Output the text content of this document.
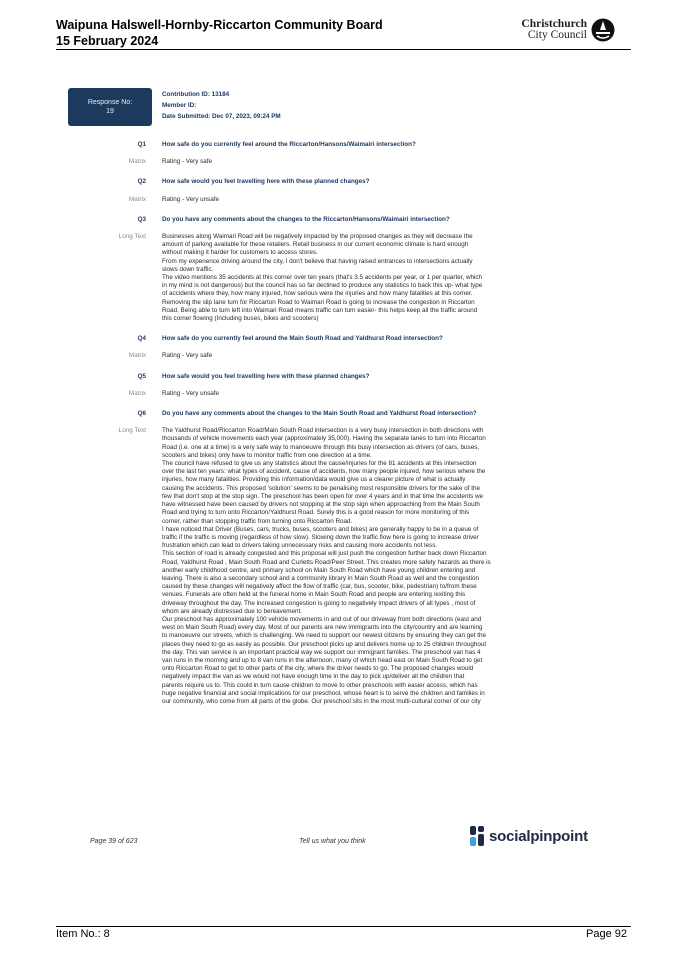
Waipuna Halswell-Hornby-Riccarton Community Board
15 February 2024
Christchurch
City Council
Response No:
19
Contribution ID: 13184
Member ID:
Date Submitted: Dec 07, 2023, 09:24 PM
Q1	How safe do you currently feel around the Riccarton/Hansons/Waimairi intersection?
Matrix	Rating - Very safe
Q2	How safe would you feel travelling here with these planned changes?
Matrix	Rating - Very unsafe
Q3	Do you have any comments about the changes to the Riccarton/Hansons/Waimairi intersection?
Long Text	Businesses along Waimari Road will be negatively impacted by the proposed changes as they will decrease the
amount of parking available for these retailers. Retail business in our current economic climate is hard enough
without making it harder for customers to access stores.
From my experience driving around the city, I don't believe that having raised entrances to intersections actually
slows down traffic.
The video mentions 35 accidents at this corner over ten years (that's 3.5 accidents per year, or 1 per quarter, which
in my mind is not dangerous) but the council has so far declined to produce any statistics to back this up- what type
of accidents where they, how many injured, how serious were the injuries and how many fatalities at this corner.
Removing the slip lane turn for Riccarton Road to Waimari Road is going to increase the congestion in Riccarton
Road. Being able to turn left into Waimari Road means traffic can turn easier- this helps keep all the traffic around
this corner flowing (Including buses, bikes and scooters)
Q4	How safe do you currently feel around the Main South Road and Yaldhurst Road intersection?
Matrix	Rating - Very safe
Q5	How safe would you feel travelling here with these planned changes?
Matrix	Rating - Very unsafe
Q6	Do you have any comments about the changes to the Main South Road and Yaldhurst Road intersection?
Long Text	The Yaldhurst Road/Riccarton Road/Main South Road intersection is a very busy intersection in both directions with
thousands of vehicle movements each year (approximately 35,000). Having the separate lanes to turn into Riccarton
Road (i.e. one at a time) is a very safe way to manoeuvre through this busy intersection as drivers (of cars, buses,
scooters and bikes) only have to monitor traffic from one direction at a time.
The council have refused to give us any statistics about the cause/injuries for the 81 accidents at this intersection
over the last ten years: what types of accident, cause of accidents, how many people injured, how serious where the
injuries, how many fatalities. Providing this information/data would give us a clearer picture of what is actually
causing the accidents. This proposed 'solution' seems to be penalising most responsible drivers for the sake of the
few that don't stop at the stop sign. The preschool has been open for over 4 years and in that time the accidents we
have witnessed have been caused by drivers not stopping at the stop sign when approaching from the Main South
Road and trying to turn onto Riccarton/Yaldhurst Road. Surely this is a good reason for more monitoring of this
corner, rather than stopping traffic from turning onto Riccarton Road.
I have noticed that Driver (Buses, cars, trucks, buses, scooters and bikes) are generally happy to be in a queue of
traffic if the traffic is moving (regardless of how slow). Slowing down the traffic flow here is going to increase driver
frustration which can lead to drivers taking unnecessary risks and causing more accidents not less.
This section of road is already congested and this proposal will just push the congestion further back down Riccarton
Road, Yaldhurst Road , Main South Road and Curletts Road/Peer Street. This creates more safety hazards as there is
another early childhood centre, and primary school on Main South Road which have young children entering and
leaving. There is also a secondary school and a community library in Main South Road as well and the congestion
caused by these changes will negatively affect the flow of traffic (car, bus, scooter, bike, pedestrian) to/from these
venues. Funerals are often held at the funeral home in Main South Road and people are entering /exiting this
driveway throughout the day. The increased congestion is going to negatively impact drivers of all types , most of
whom are already distressed due to bereavement.
Our preschool has approximately 100 vehicle movements in and out of our driveway from both directions (east and
west on Main South Road) every day. Most of our parents are new immigrants into the city/country and are learning
to manoeuvre our streets, which is challenging. We need to support our newest citizens by ensuring they can get the
places they need to go as easily as possible. Our preschool picks up and delivers home up to 25 children throughout
the day. This van service is an important practical way we support our immigrant families. The preschool van has 4
van runs in the morning and up to 8 van runs in the afternoon, many of which head east on Main South Road to get
onto Riccarton Road to get to other parts of the city, where the driver needs to go. The proposed changes would
negatively impact the van as we would not have enough time in the day to pick up/deliver all the children that
parents require us to. This could in turn cause children to move to other preschools with easier access, which has
huge negative financial and social implications for our preschool, whose heart is to serve the children and families in
our community, who come from all parts of the globe. Our preschool sits in the most multi-cultural corner of our city
Page 39 of 623	Tell us what you think	socialpinpoint
Item No.: 8	Page 92
